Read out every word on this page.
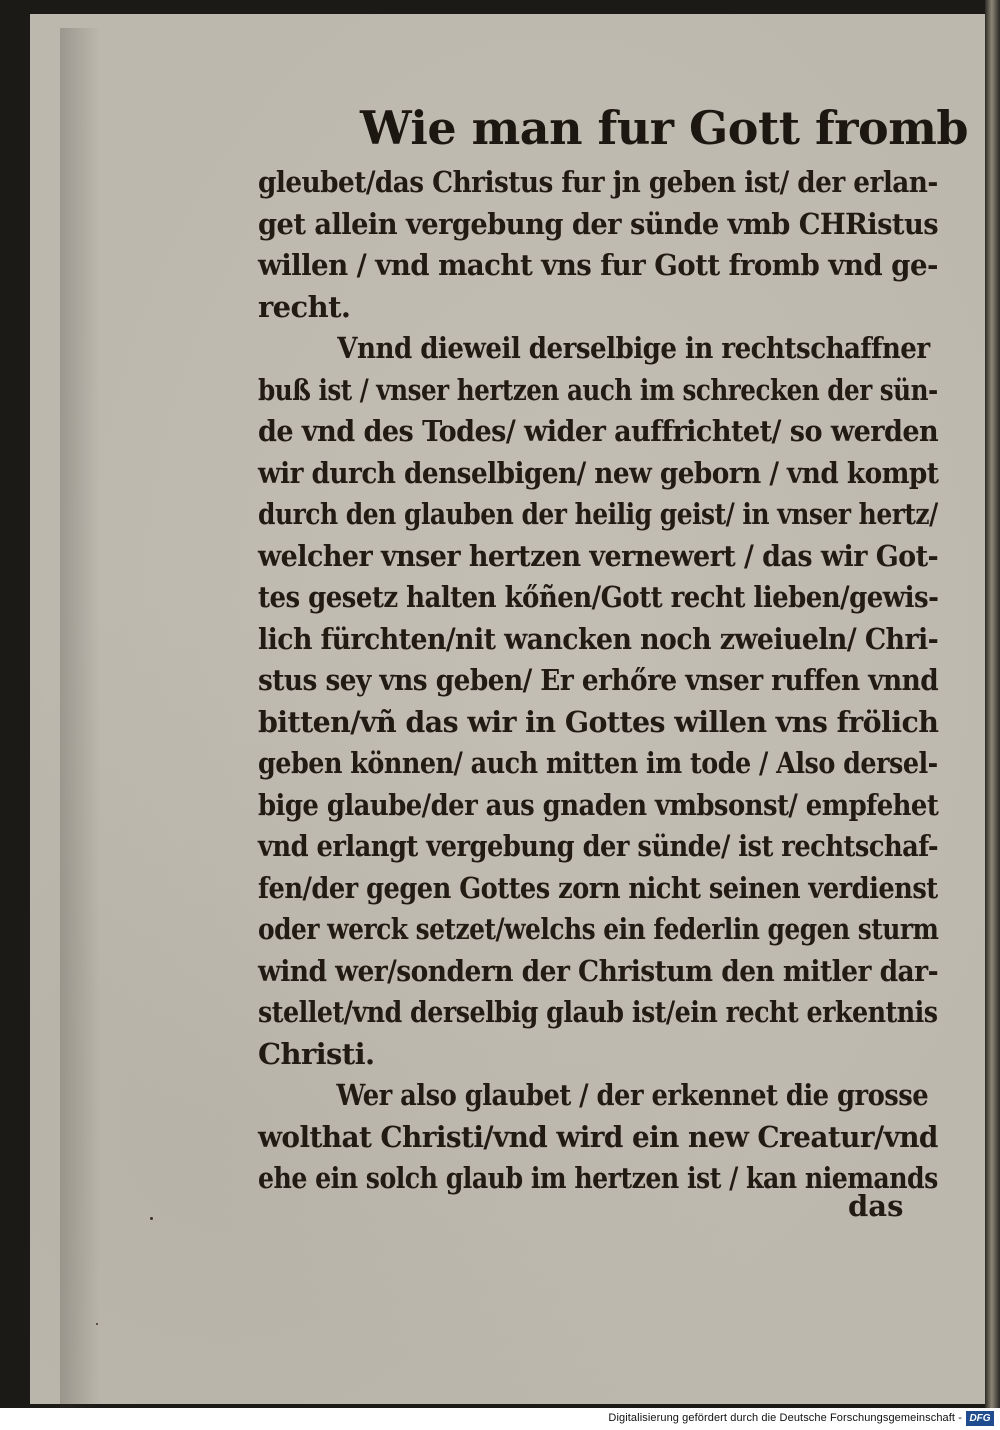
Wie man fur Gott fromb
gleubet/das Christus fur jn geben ist/ der erlan-
get allein vergebung der sünde vmb CHRistus
willen / vnd macht vns fur Gott fromb vnd ge-
recht.
Vnnd dieweil derselbige in rechtschaffner
buß ist / vnser hertzen auch im schrecken der sün-
de vnd des Todes/ wider auffrichtet/ so werden
wir durch denselbigen/ new geborn / vnd kompt
durch den glauben der heilig geist/ in vnser hertz/
welcher vnser hertzen vernewert / das wir Got-
tes gesetz halten kőñen/Gott recht lieben/gewis-
lich fürchten/nit wancken noch zweiueln/ Chri-
stus sey vns geben/ Er erhőre vnser ruffen vnnd
bitten/vñ das wir in Gottes willen vns frölich
geben können/ auch mitten im tode / Also dersel-
bige glaube/der aus gnaden vmbsonst/ empfehet
vnd erlangt vergebung der sünde/ ist rechtschaf-
fen/der gegen Gottes zorn nicht seinen verdienst
oder werck setzet/welchs ein federlin gegen sturm
wind wer/sondern der Christum den mitler dar-
stellet/vnd derselbig glaub ist/ein recht erkentnis
Christi.
Wer also glaubet / der erkennet die grosse
wolthat Christi/vnd wird ein new Creatur/vnd
ehe ein solch glaub im hertzen ist / kan niemands
das
Digitalisierung gefördert durch die Deutsche Forschungsgemeinschaft - DFG
